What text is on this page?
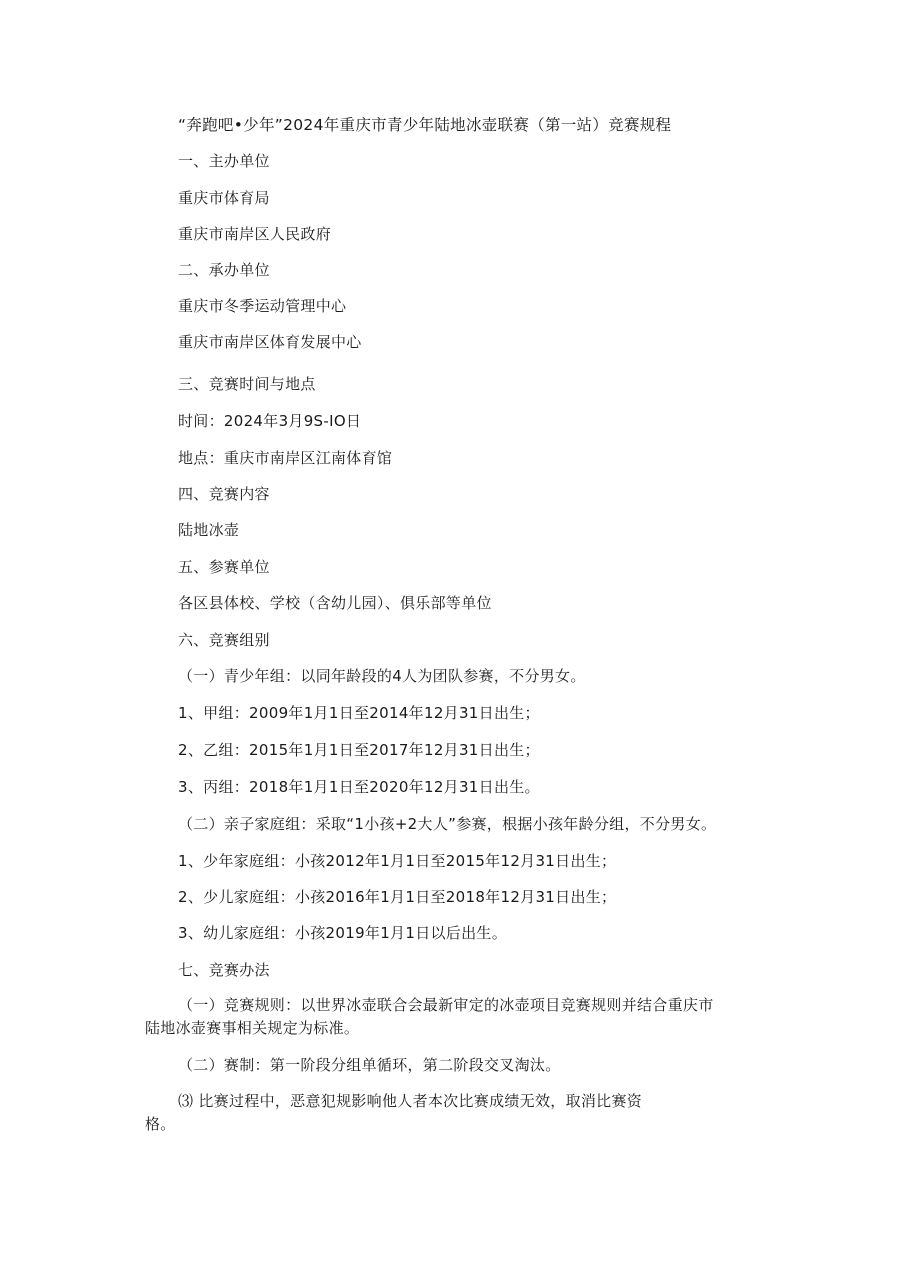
“奔跑吧•少年”2024年重庆市青少年陆地冰壶联赛（第一站）竞赛规程
一、主办单位
重庆市体育局
重庆市南岸区人民政府
二、承办单位
重庆市冬季运动管理中心
重庆市南岸区体育发展中心
三、竞赛时间与地点
时间：2024年3月9S-IO日
地点：重庆市南岸区江南体育馆
四、竞赛内容
陆地冰壶
五、参赛单位
各区县体校、学校（含幼儿园）、俱乐部等单位
六、竞赛组别
（一）青少年组：以同年龄段的4人为团队参赛，不分男女。
1、甲组：2009年1月1日至2014年12月31日出生；
2、乙组：2015年1月1日至2017年12月31日出生；
3、丙组：2018年1月1日至2020年12月31日出生。
（二）亲子家庭组：采取“1小孩+2大人”参赛，根据小孩年龄分组，不分男女。
1、少年家庭组：小孩2012年1月1日至2015年12月31日出生；
2、少儿家庭组：小孩2016年1月1日至2018年12月31日出生；
3、幼儿家庭组：小孩2019年1月1日以后出生。
七、竞赛办法
（一）竞赛规则：以世界冰壶联合会最新审定的冰壶项目竞赛规则并结合重庆市
陆地冰壶赛事相关规定为标准。
（二）赛制：第一阶段分组单循环，第二阶段交叉淘汰。
⑶ 比赛过程中，恶意犯规影响他人者本次比赛成绩无效，取消比赛资
格。
